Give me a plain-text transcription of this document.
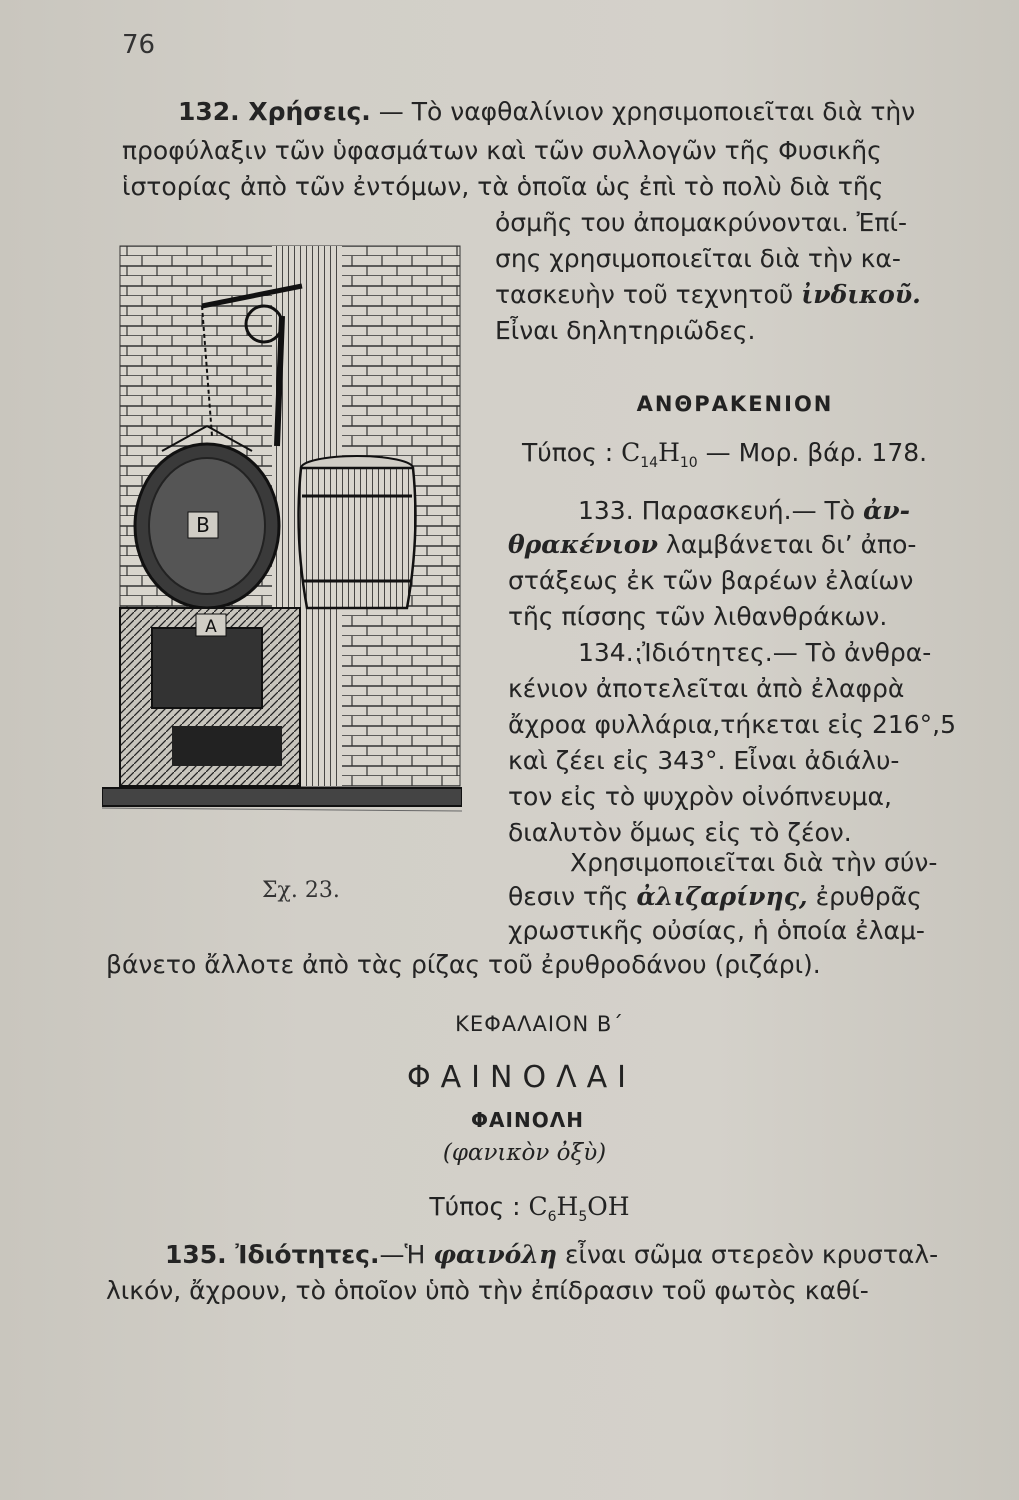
76
132. Χρήσεις. — Τὸ ναφθαλίνιον χρησιμοποιεῖται διὰ τὴν
προφύλαξιν τῶν ὑφασμάτων καὶ τῶν συλλογῶν τῆς Φυσικῆς
ἱστορίας ἀπὸ τῶν ἐντόμων, τὰ ὁποῖα ὡς ἐπὶ τὸ πολὺ διὰ τῆς
ὀσμῆς του ἀπομακρύνονται. Ἐπί-
σης χρησιμοποιεῖται διὰ τὴν κα-
τασκευὴν τοῦ τεχνητοῦ ἰνδικοῦ.
Εἶναι δηλητηριῶδες.
ΑΝΘΡΑΚΕΝΙΟΝ
Τύπος : $C_{14}H_{10}$ — Μορ. βάρ. 178.
133. Παρασκευή.— Τὸ ἀν-
θρακένιον λαμβάνεται δι’ ἀπο-
στάξεως ἐκ τῶν βαρέων ἐλαίων
τῆς πίσσης τῶν λιθανθράκων.
134.⁏Ἰδιότητες.— Τὸ ἀνθρα-
κένιον ἀποτελεῖται ἀπὸ ἐλαφρὰ
ἄχροα φυλλάρια,τήκεται εἰς 216°,5
καὶ ζέει εἰς 343°. Εἶναι ἀδιάλυ-
τον εἰς τὸ ψυχρὸν οἰνόπνευμα,
διαλυτὸν ὅμως εἰς τὸ ζέον.
Χρησιμοποιεῖται διὰ τὴν σύν-
θεσιν τῆς ἀλιζαρίνης, ἐρυθρᾶς
χρωστικῆς οὐσίας, ἡ ὁποία ἐλαμ-
βάνετο ἄλλοτε ἀπὸ τὰς ρίζας τοῦ ἐρυθροδάνου (ριζάρι).
B
A
Σχ. 23.
ΚΕΦΑΛΑΙΟΝ Β΄
ΦΑΙΝΟΛΑΙ
ΦΑΙΝΟΛΗ
(φανικὸν ὀξὺ)
Τύπος : $C_6H_5OH$
135. Ἰδιότητες.—Ἡ φαινόλη εἶναι σῶμα στερεὸν κρυσταλ-
λικόν, ἄχρουν, τὸ ὁποῖον ὑπὸ τὴν ἐπίδρασιν τοῦ φωτὸς καθί-
